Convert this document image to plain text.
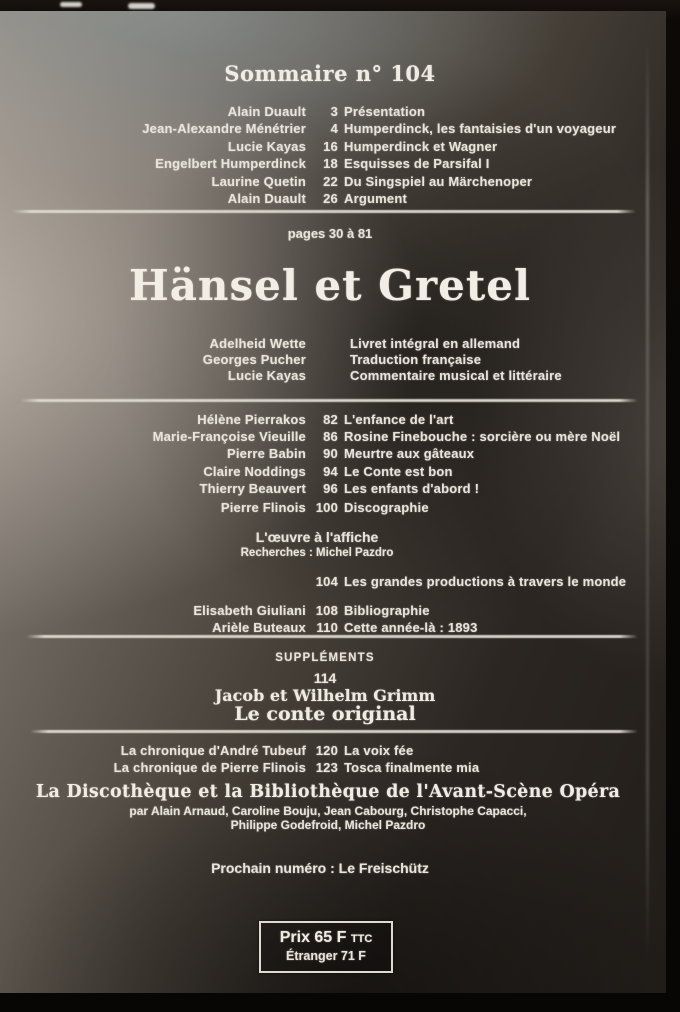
Sommaire n° 104
Alain Duault	3 Présentation
Jean-Alexandre Ménétrier	4 Humperdinck, les fantaisies d'un voyageur
Lucie Kayas	16 Humperdinck et Wagner
Engelbert Humperdinck	18 Esquisses de Parsifal I
Laurine Quetin	22 Du Singspiel au Märchenoper
Alain Duault	26 Argument
pages 30 à 81
Hänsel et Gretel
Adelheid Wette	Livret intégral en allemand
Georges Pucher	Traduction française
Lucie Kayas	Commentaire musical et littéraire
Hélène Pierrakos	82 L'enfance de l'art
Marie-Françoise Vieuille	86 Rosine Finebouche : sorcière ou mère Noël
Pierre Babin	90 Meurtre aux gâteaux
Claire Noddings	94 Le Conte est bon
Thierry Beauvert	96 Les enfants d'abord !
Pierre Flinois 100 Discographie
L'œuvre à l'affiche
Recherches : Michel Pazdro
104 Les grandes productions à travers le monde
Elisabeth Giuliani 108 Bibliographie
Arièle Buteaux 110 Cette année-là : 1893
SUPPLÉMENTS
114
Jacob et Wilhelm Grimm
Le conte original
La chronique d'André Tubeuf 120 La voix fée
La chronique de Pierre Flinois 123 Tosca finalmente mia
La Discothèque et la Bibliothèque de l'Avant-Scène Opéra
par Alain Arnaud, Caroline Bouju, Jean Cabourg, Christophe Capacci,
Philippe Godefroid, Michel Pazdro
Prochain numéro : Le Freischütz
Prix 65 F TTC
Étranger 71 F
